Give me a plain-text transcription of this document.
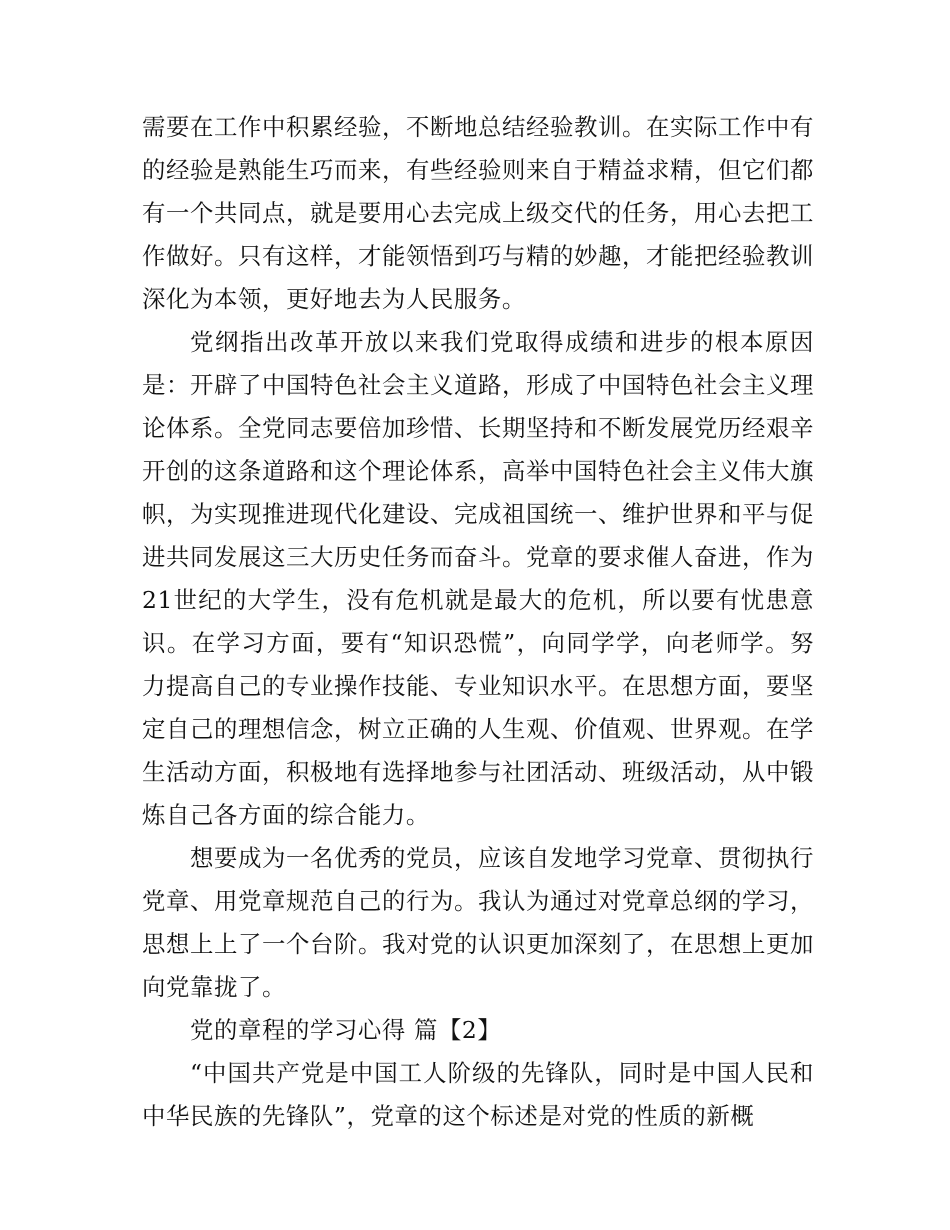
需要在工作中积累经验，不断地总结经验教训。在实际工作中有的经验是熟能生巧而来，有些经验则来自于精益求精，但它们都有一个共同点，就是要用心去完成上级交代的任务，用心去把工作做好。只有这样，才能领悟到巧与精的妙趣，才能把经验教训深化为本领，更好地去为人民服务。

党纲指出改革开放以来我们党取得成绩和进步的根本原因是：开辟了中国特色社会主义道路，形成了中国特色社会主义理论体系。全党同志要倍加珍惜、长期坚持和不断发展党历经艰辛开创的这条道路和这个理论体系，高举中国特色社会主义伟大旗帜，为实现推进现代化建设、完成祖国统一、维护世界和平与促进共同发展这三大历史任务而奋斗。党章的要求催人奋进，作为21世纪的大学生，没有危机就是最大的危机，所以要有忧患意识。在学习方面，要有“知识恐慌”，向同学学，向老师学。努力提高自己的专业操作技能、专业知识水平。在思想方面，要坚定自己的理想信念，树立正确的人生观、价值观、世界观。在学生活动方面，积极地有选择地参与社团活动、班级活动，从中锻炼自己各方面的综合能力。

想要成为一名优秀的党员，应该自发地学习党章、贯彻执行党章、用党章规范自己的行为。我认为通过对党章总纲的学习，思想上上了一个台阶。我对党的认识更加深刻了，在思想上更加向党靠拢了。

党的章程的学习心得 篇【2】

“中国共产党是中国工人阶级的先锋队，同时是中国人民和中华民族的先锋队”，党章的这个标述是对党的性质的新概
